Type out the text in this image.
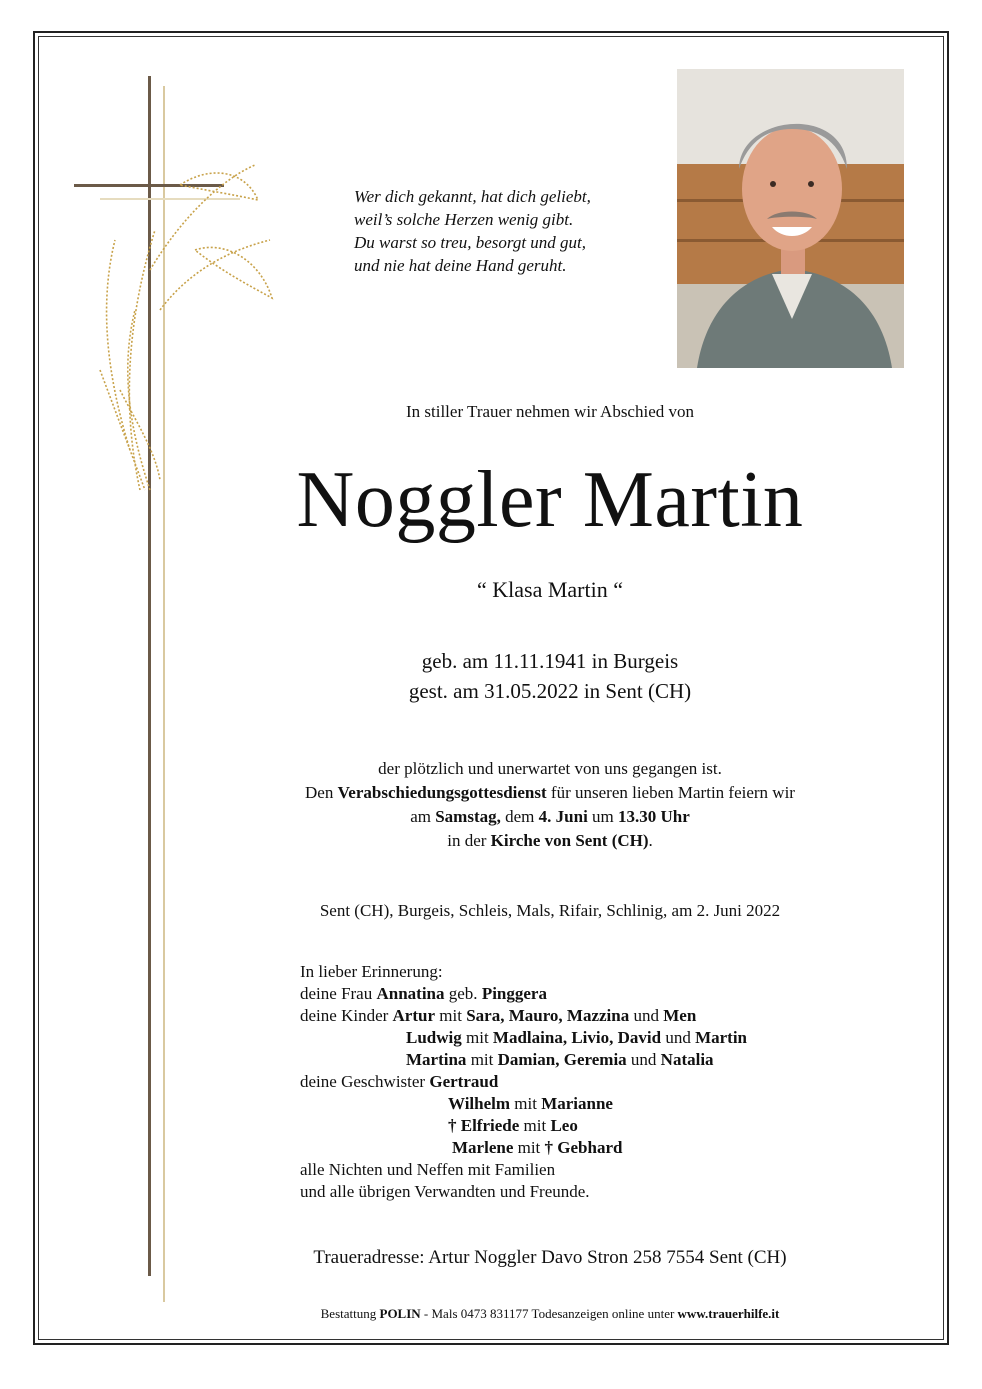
Wer dich gekannt, hat dich geliebt,
weil’s solche Herzen wenig gibt.
Du warst so treu, besorgt und gut,
und nie hat deine Hand geruht.
In stiller Trauer nehmen wir Abschied von
Noggler Martin
“ Klasa Martin “
geb. am 11.11.1941 in Burgeis
gest. am 31.05.2022 in Sent (CH)
der plötzlich und unerwartet von uns gegangen ist.
Den Verabschiedungsgottesdienst für unseren lieben Martin feiern wir
am Samstag, dem 4. Juni um 13.30 Uhr
in der Kirche von Sent (CH).
Sent (CH), Burgeis, Schleis, Mals, Rifair, Schlinig, am 2. Juni 2022
In lieber Erinnerung:
deine Frau Annatina geb. Pinggera
deine Kinder Artur mit Sara, Mauro, Mazzina und Men
Ludwig mit Madlaina, Livio, David und Martin
Martina mit Damian, Geremia und Natalia
deine Geschwister Gertraud
Wilhelm mit Marianne
† Elfriede mit Leo
Marlene mit † Gebhard
alle Nichten und Neffen mit Familien
und alle übrigen Verwandten und Freunde.
Traueradresse: Artur Noggler Davo Stron 258 7554 Sent (CH)
Bestattung POLIN - Mals 0473 831177 Todesanzeigen online unter www.trauerhilfe.it
